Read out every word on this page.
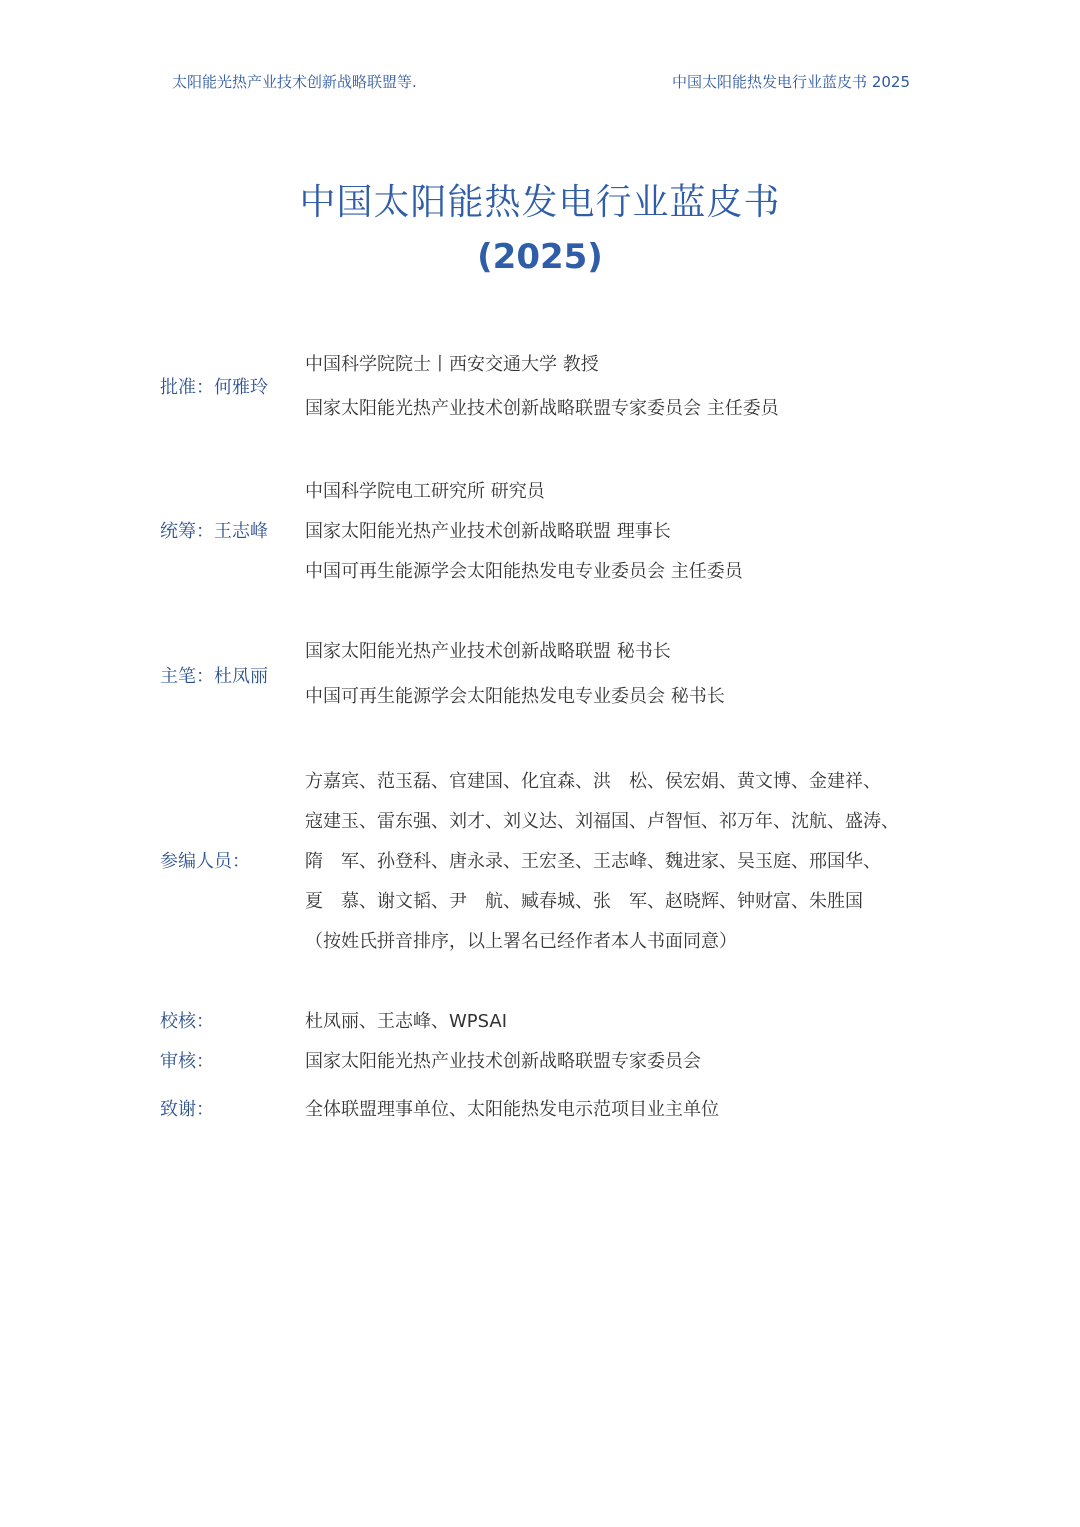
太阳能光热产业技术创新战略联盟等.	中国太阳能热发电行业蓝皮书 2025
中国太阳能热发电行业蓝皮书
(2025)
批准：何雅玲
中国科学院院士丨西安交通大学 教授
国家太阳能光热产业技术创新战略联盟专家委员会 主任委员
统筹：王志峰
中国科学院电工研究所 研究员
国家太阳能光热产业技术创新战略联盟 理事长
中国可再生能源学会太阳能热发电专业委员会 主任委员
主笔：杜凤丽
国家太阳能光热产业技术创新战略联盟 秘书长
中国可再生能源学会太阳能热发电专业委员会 秘书长
参编人员：
方嘉宾、范玉磊、官建国、化宜森、洪　松、侯宏娟、黄文博、金建祥、
寇建玉、雷东强、刘才、刘义达、刘福国、卢智恒、祁万年、沈航、盛涛、
隋　军、孙登科、唐永录、王宏圣、王志峰、魏进家、吴玉庭、邢国华、
夏　慕、谢文韬、尹　航、臧春城、张　军、赵晓辉、钟财富、朱胜国
（按姓氏拼音排序，以上署名已经作者本人书面同意）
校核：	杜凤丽、王志峰、WPSAI
审核：	国家太阳能光热产业技术创新战略联盟专家委员会
致谢：	全体联盟理事单位、太阳能热发电示范项目业主单位
